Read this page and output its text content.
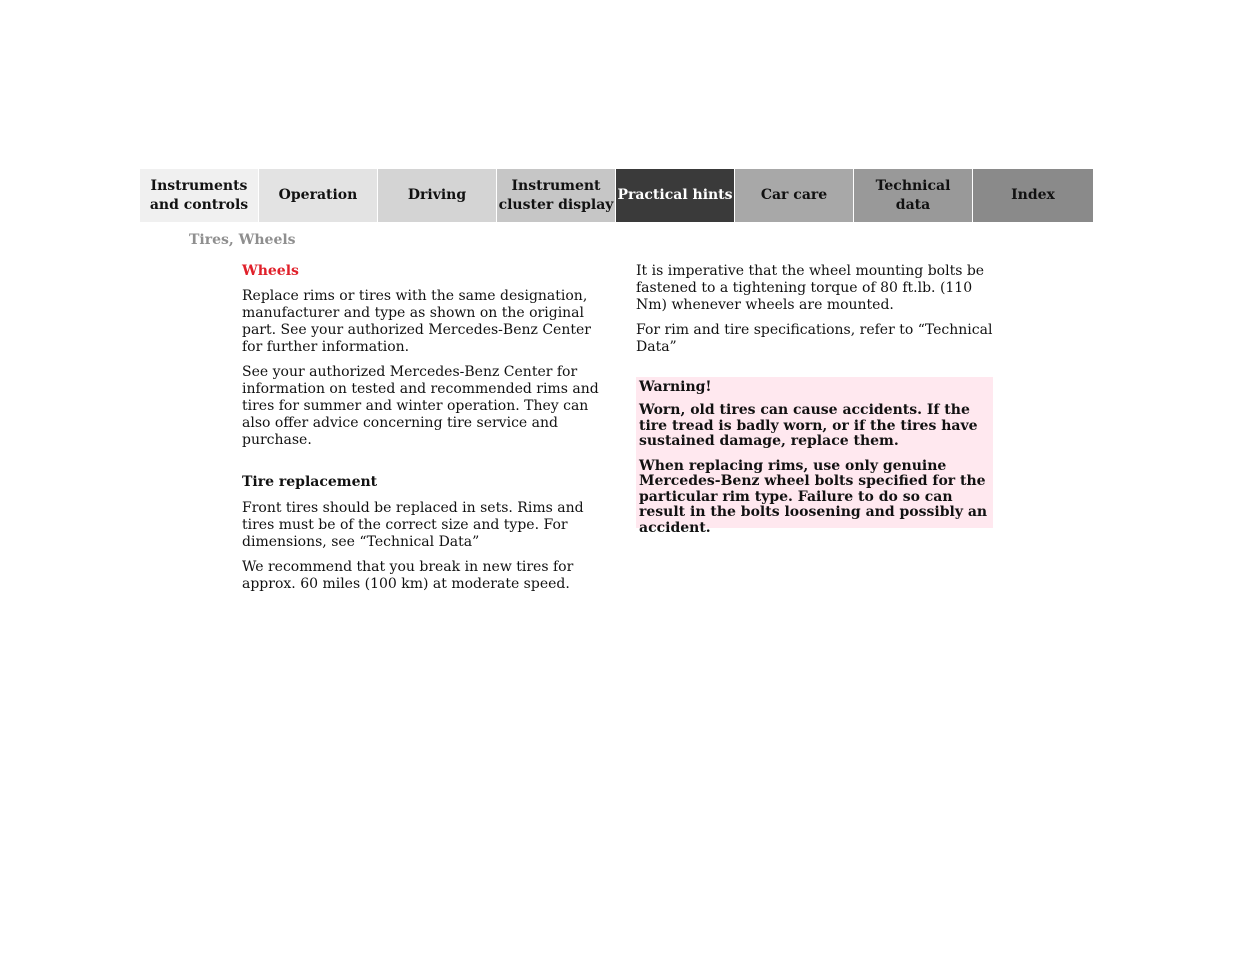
Instruments
and controls
Operation	Driving
Instrument
cluster display
Practical hints	Car care
Technical
data
Index
Tires, Wheels
Wheels

Replace rims or tires with the same designation, manufacturer and type as shown on the original part. See your authorized Mercedes-Benz Center for further information.

See your authorized Mercedes-Benz Center for information on tested and recommended rims and tires for summer and winter operation. They can also offer advice concerning tire service and purchase.

Tire replacement

Front tires should be replaced in sets. Rims and tires must be of the correct size and type. For dimensions, see “Technical Data”

We recommend that you break in new tires for approx. 60 miles (100 km) at moderate speed.

It is imperative that the wheel mounting bolts be fastened to a tightening torque of 80 ft.lb. (110 Nm) whenever wheels are mounted.

For rim and tire specifications, refer to “Technical Data”

Warning!

Worn, old tires can cause accidents. If the tire tread is badly worn, or if the tires have sustained damage, replace them.

When replacing rims, use only genuine Mercedes-Benz wheel bolts specified for the particular rim type. Failure to do so can result in the bolts loosening and possibly an accident.
